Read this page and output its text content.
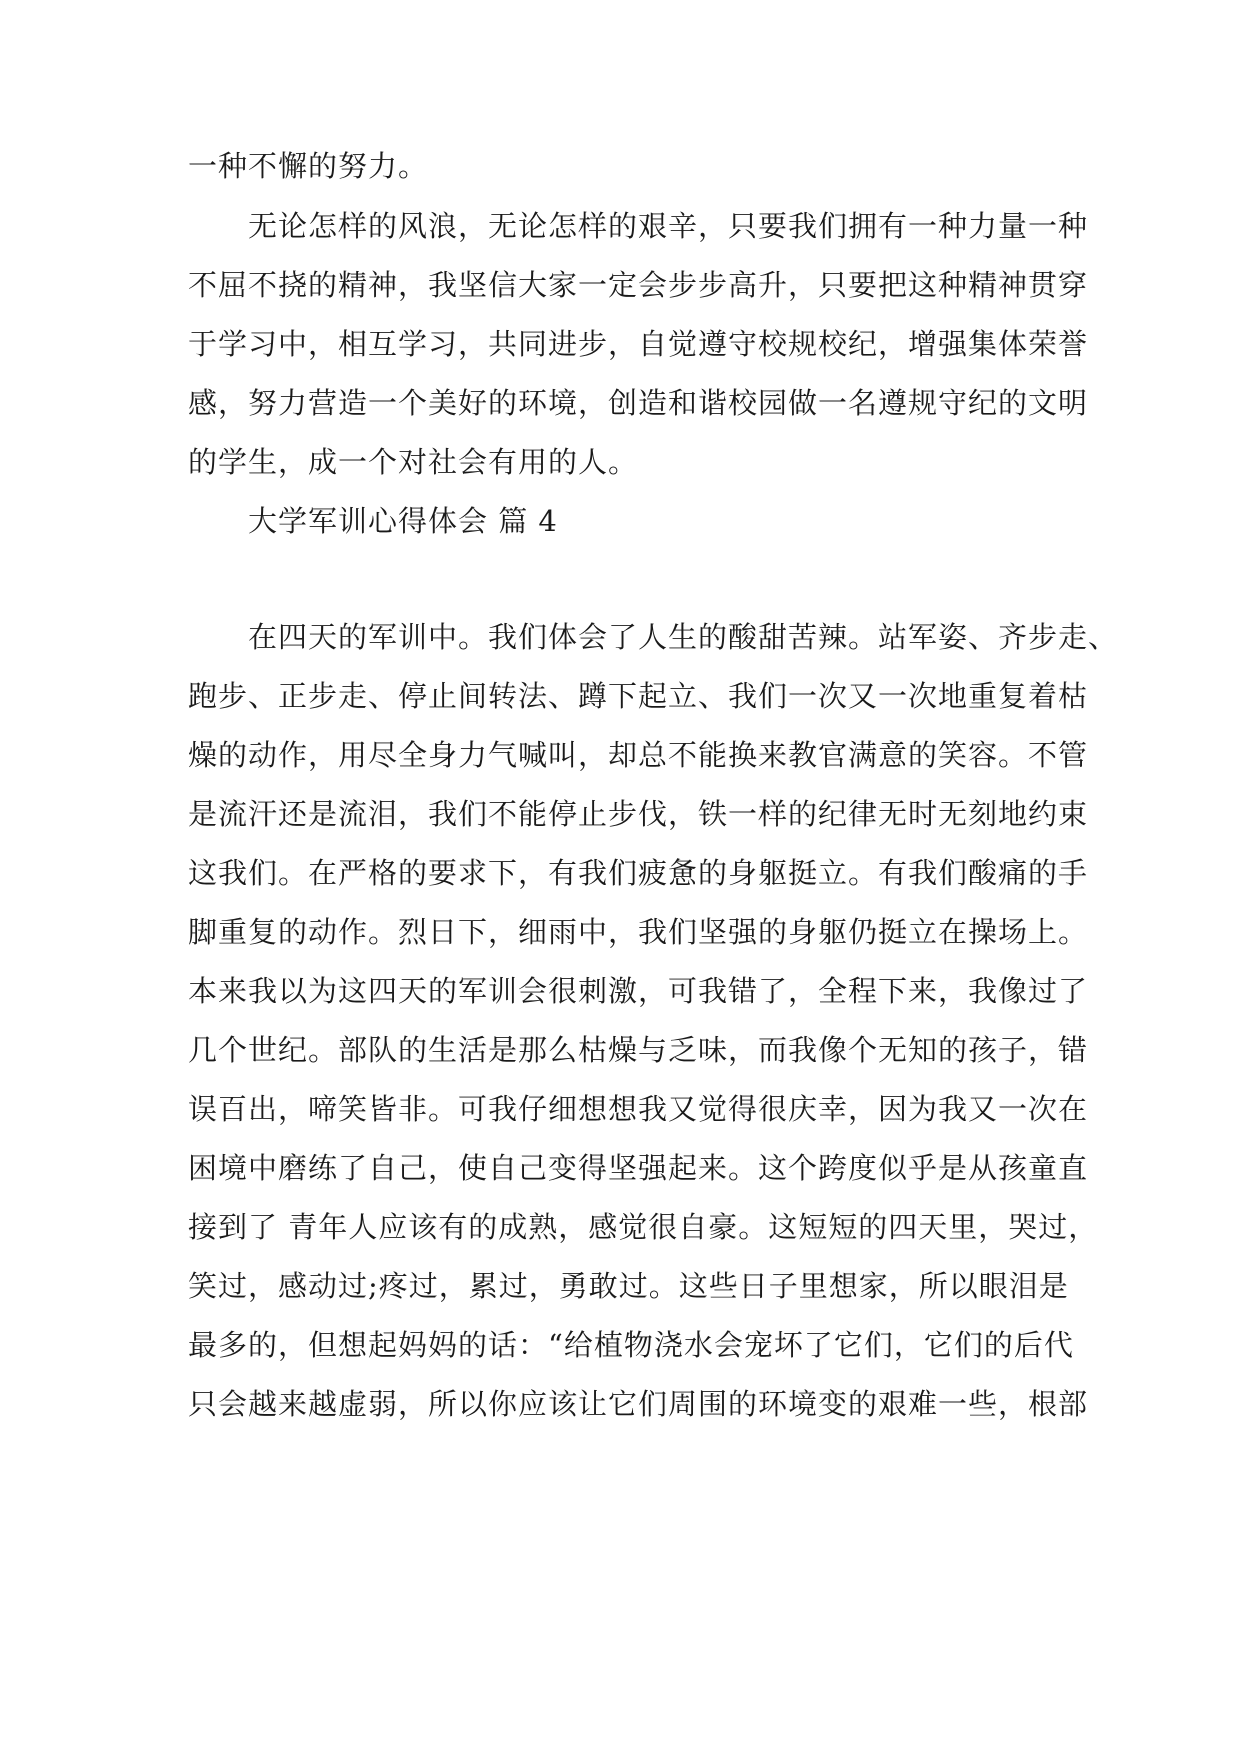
一种不懈的努力。
无论怎样的风浪，无论怎样的艰辛，只要我们拥有一种力量一种
不屈不挠的精神，我坚信大家一定会步步高升，只要把这种精神贯穿
于学习中，相互学习，共同进步，自觉遵守校规校纪，增强集体荣誉
感，努力营造一个美好的环境，创造和谐校园做一名遵规守纪的文明
的学生，成一个对社会有用的人。
大学军训心得体会 篇 4
在四天的军训中。我们体会了人生的酸甜苦辣。站军姿、齐步走、
跑步、正步走、停止间转法、蹲下起立、我们一次又一次地重复着枯
燥的动作，用尽全身力气喊叫，却总不能换来教官满意的笑容。不管
是流汗还是流泪，我们不能停止步伐，铁一样的纪律无时无刻地约束
这我们。在严格的要求下，有我们疲惫的身躯挺立。有我们酸痛的手
脚重复的动作。烈日下，细雨中，我们坚强的身躯仍挺立在操场上。
本来我以为这四天的军训会很刺激，可我错了，全程下来，我像过了
几个世纪。部队的生活是那么枯燥与乏味，而我像个无知的孩子，错
误百出，啼笑皆非。可我仔细想想我又觉得很庆幸，因为我又一次在
困境中磨练了自己，使自己变得坚强起来。这个跨度似乎是从孩童直
接到了 青年人应该有的成熟，感觉很自豪。这短短的四天里，哭过，
笑过，感动过;疼过，累过，勇敢过。这些日子里想家，所以眼泪是
最多的，但想起妈妈的话：“给植物浇水会宠坏了它们，它们的后代
只会越来越虚弱，所以你应该让它们周围的环境变的艰难一些，根部
